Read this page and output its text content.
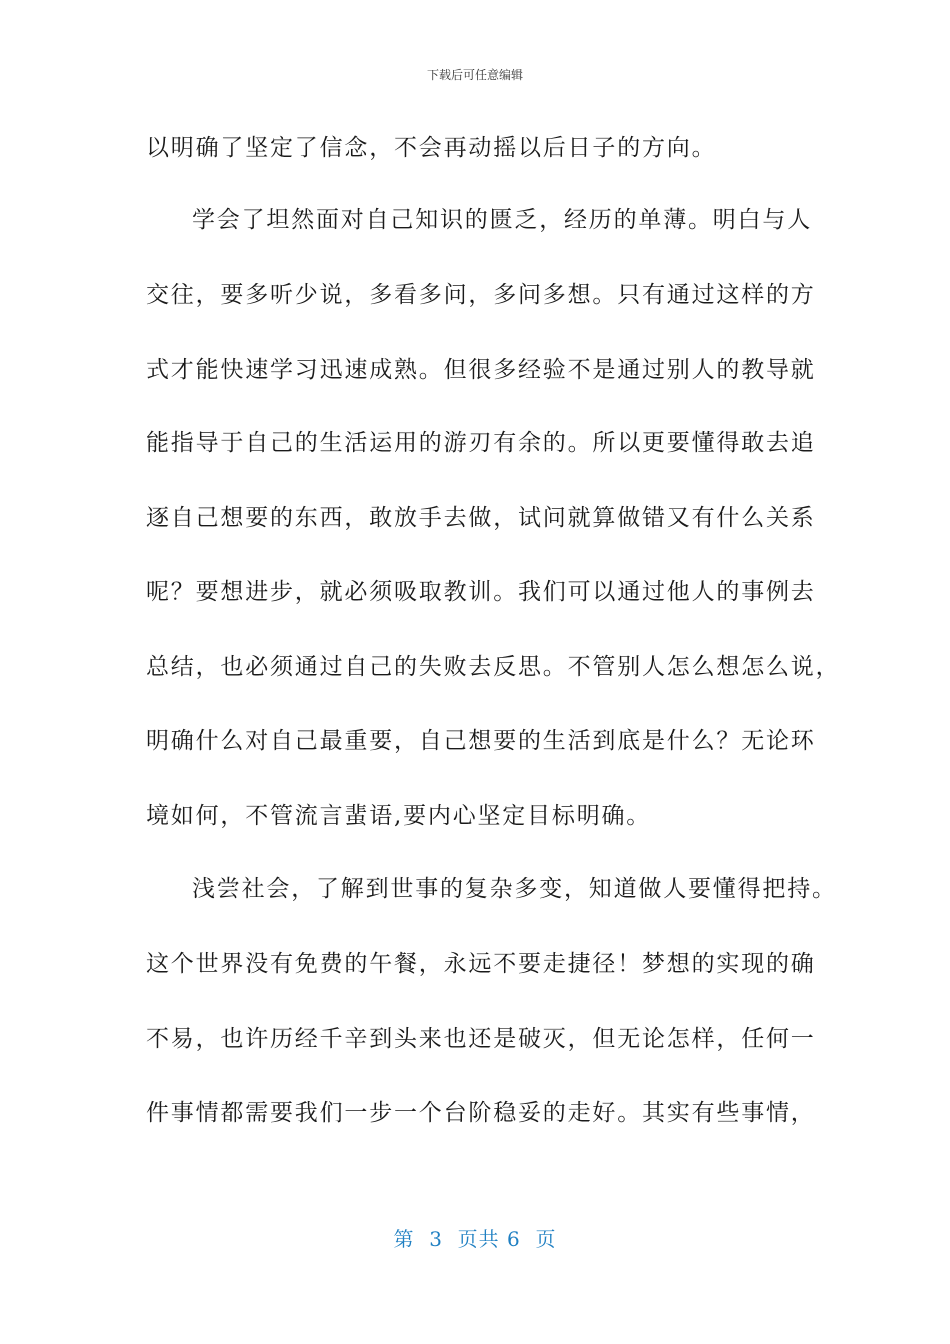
下载后可任意编辑
以明确了坚定了信念，不会再动摇以后日子的方向。
学会了坦然面对自己知识的匮乏，经历的单薄。明白与人
交往，要多听少说，多看多问，多问多想。只有通过这样的方
式才能快速学习迅速成熟。但很多经验不是通过别人的教导就
能指导于自己的生活运用的游刃有余的。所以更要懂得敢去追
逐自己想要的东西，敢放手去做，试问就算做错又有什么关系
呢？要想进步，就必须吸取教训。我们可以通过他人的事例去
总结，也必须通过自己的失败去反思。不管别人怎么想怎么说，
明确什么对自己最重要，自己想要的生活到底是什么？无论环
境如何，不管流言蜚语,要内心坚定目标明确。
浅尝社会，了解到世事的复杂多变，知道做人要懂得把持。
这个世界没有免费的午餐，永远不要走捷径！梦想的实现的确
不易，也许历经千辛到头来也还是破灭，但无论怎样，任何一
件事情都需要我们一步一个台阶稳妥的走好。其实有些事情，
第  3  页共 6  页
